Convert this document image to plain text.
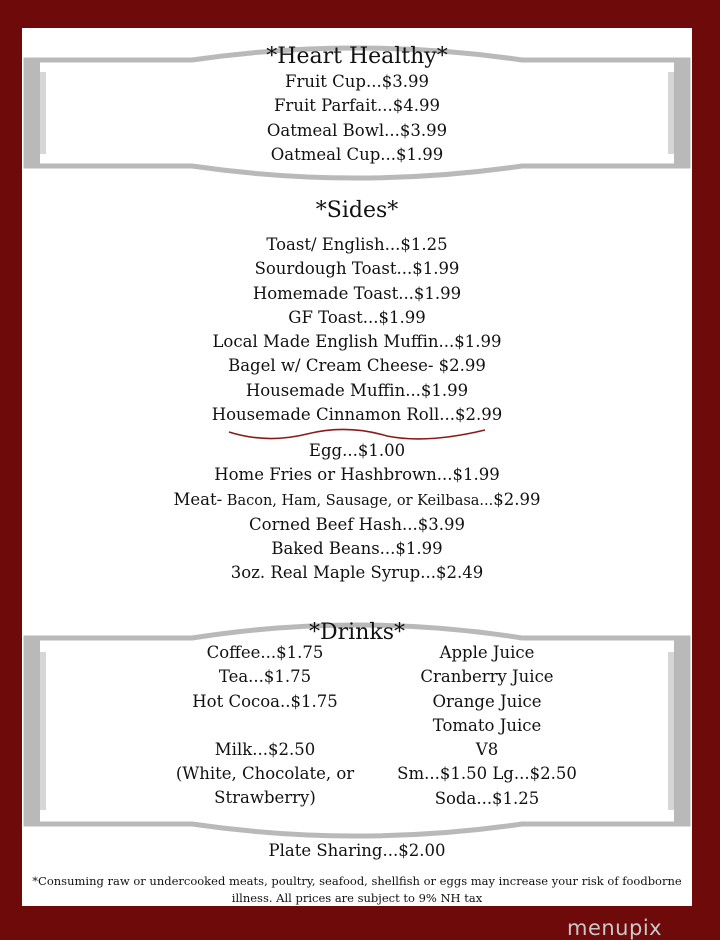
*Heart Healthy*
Fruit Cup...$3.99
Fruit Parfait...$4.99
Oatmeal Bowl...$3.99
Oatmeal Cup...$1.99
*Sides*
Toast/ English...$1.25
Sourdough Toast...$1.99
Homemade Toast...$1.99
GF Toast...$1.99
Local Made English Muffin...$1.99
Bagel w/ Cream Cheese- $2.99
Housemade Muffin...$1.99
Housemade Cinnamon Roll...$2.99
Egg...$1.00
Home Fries or Hashbrown...$1.99
Meat- Bacon, Ham, Sausage, or Keilbasa...$2.99
Corned Beef Hash...$3.99
Baked Beans...$1.99
3oz. Real Maple Syrup...$2.49
*Drinks*
Coffee...$1.75
Tea...$1.75
Hot Cocoa..$1.75
Milk...$2.50
(White, Chocolate, or
Strawberry)
Apple Juice
Cranberry Juice
Orange Juice
Tomato Juice
V8
Sm...$1.50 Lg...$2.50
Soda...$1.25
Plate Sharing...$2.00
*Consuming raw or undercooked meats, poultry, seafood, shellfish or eggs may increase your risk of foodborne
illness. All prices are subject to 9% NH tax
menupix
